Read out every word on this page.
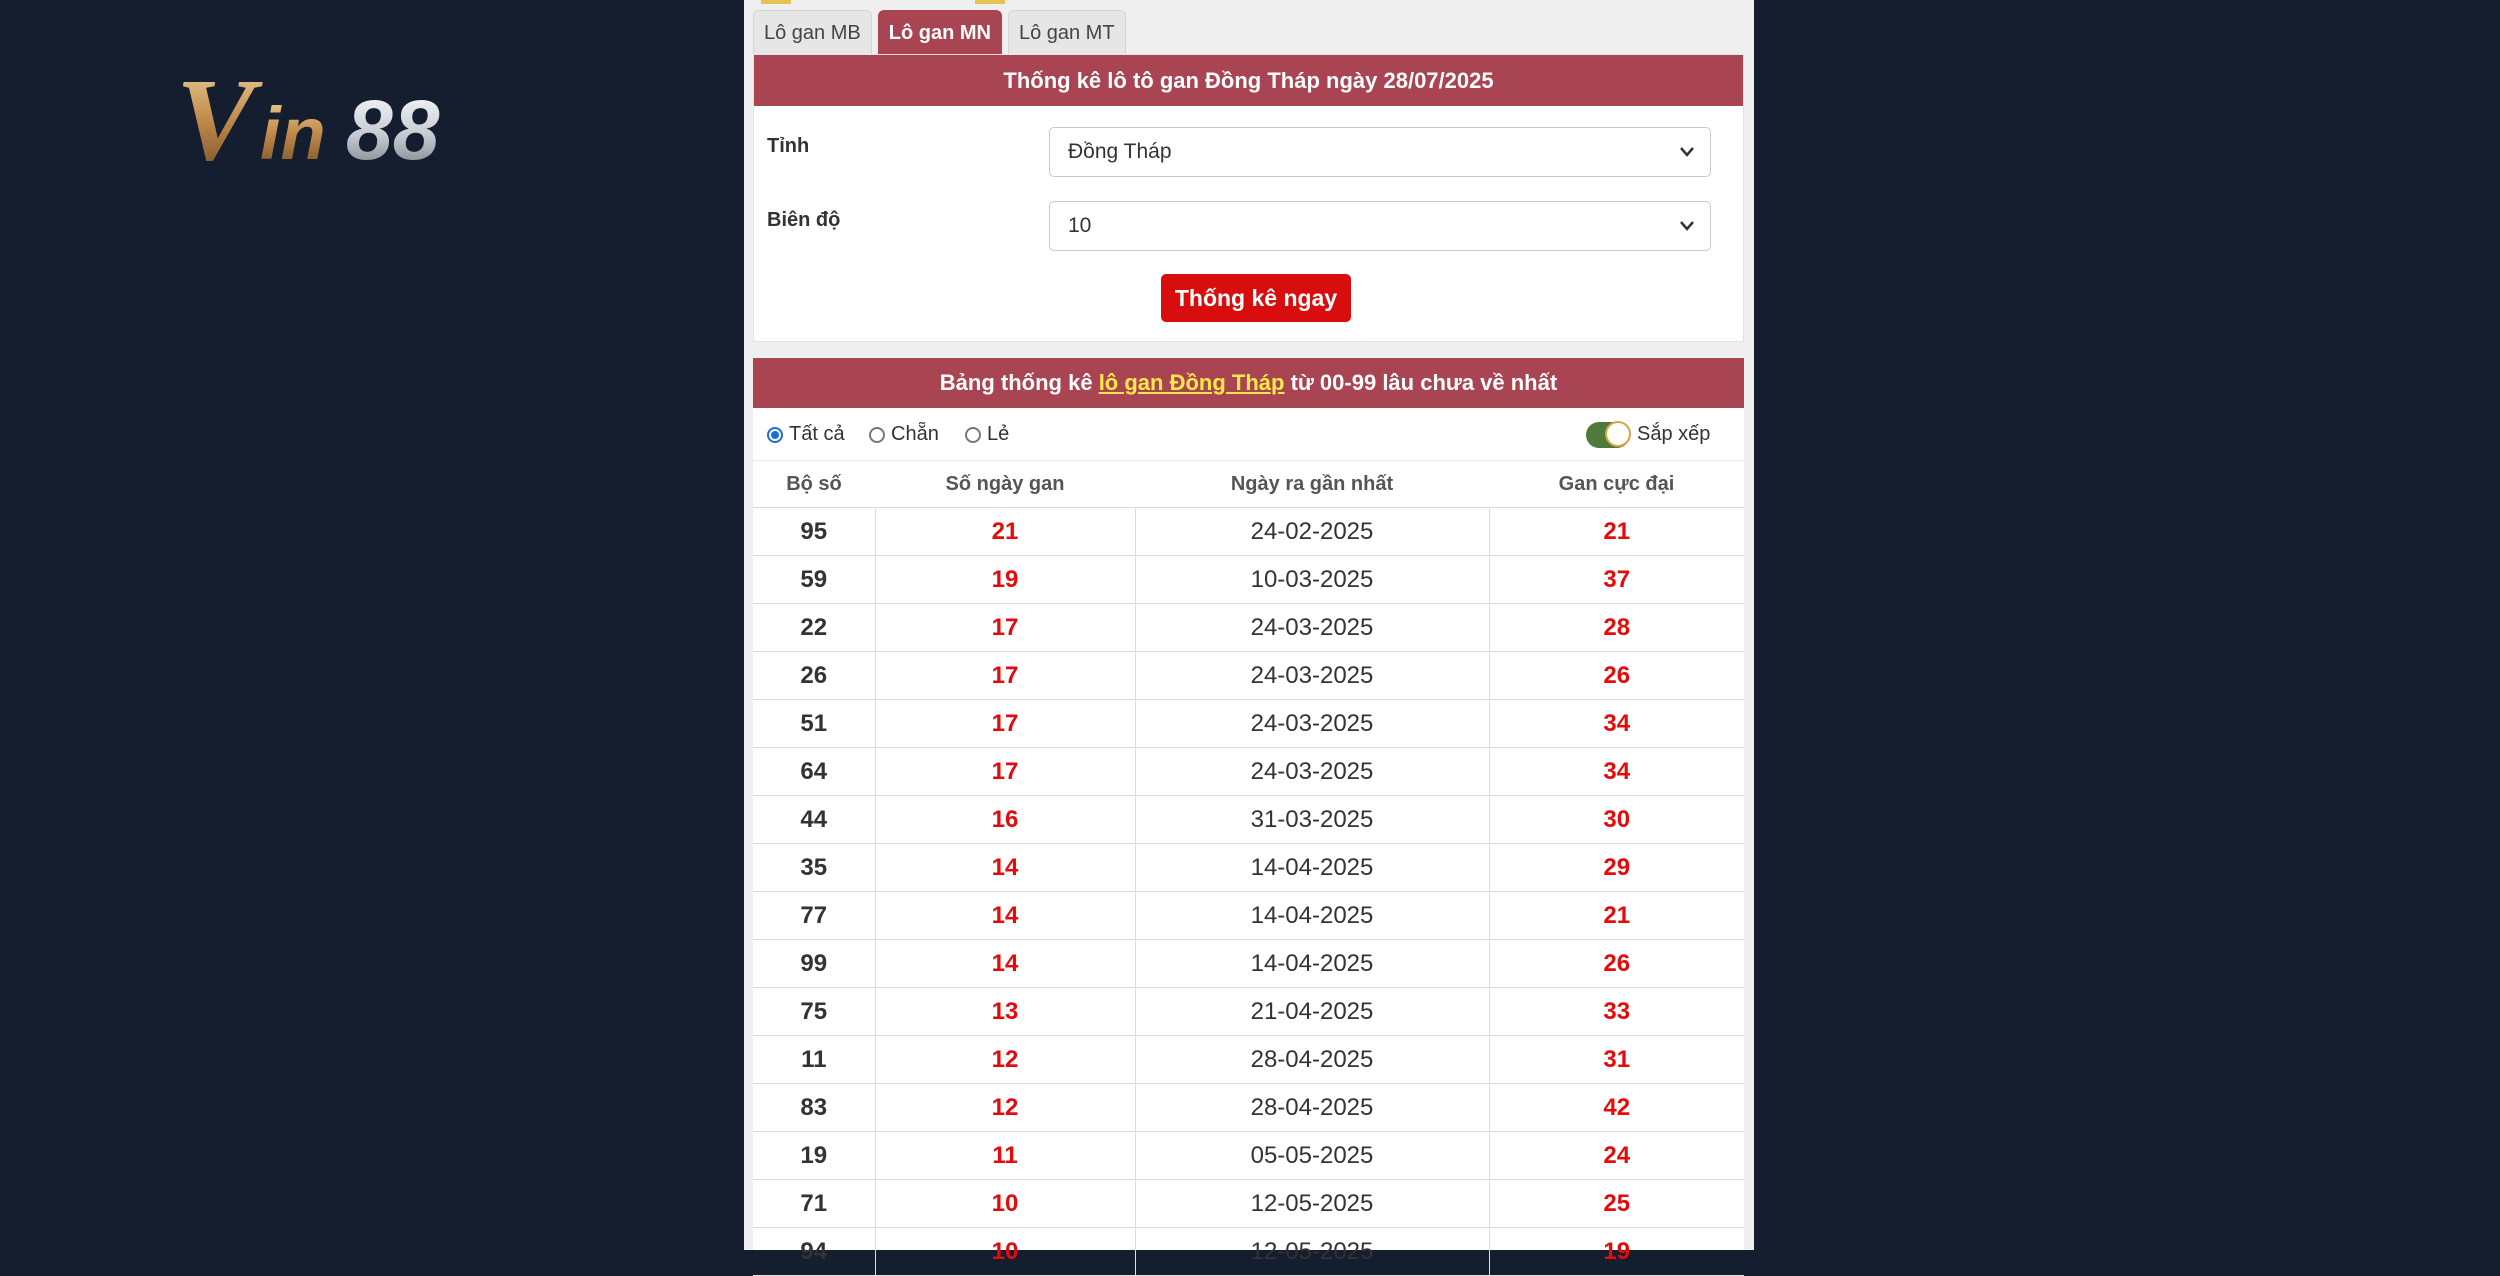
V in 88
Lô gan MB	Lô gan MN	Lô gan MT
Thống kê lô tô gan Đồng Tháp ngày 28/07/2025
Tỉnh	Đồng Tháp
Biên độ	10
Thống kê ngay
Bảng thống kê lô gan Đồng Tháp từ 00-99 lâu chưa về nhất
Tất cả Chẵn Lẻ	Sắp xếp
Bộ số	Số ngày gan	Ngày ra gần nhất	Gan cực đại
95	21	24-02-2025	21
59	19	10-03-2025	37
22	17	24-03-2025	28
26	17	24-03-2025	26
51	17	24-03-2025	34
64	17	24-03-2025	34
44	16	31-03-2025	30
35	14	14-04-2025	29
77	14	14-04-2025	21
99	14	14-04-2025	26
75	13	21-04-2025	33
11	12	28-04-2025	31
83	12	28-04-2025	42
19	11	05-05-2025	24
71	10	12-05-2025	25
94	10	12-05-2025	19
